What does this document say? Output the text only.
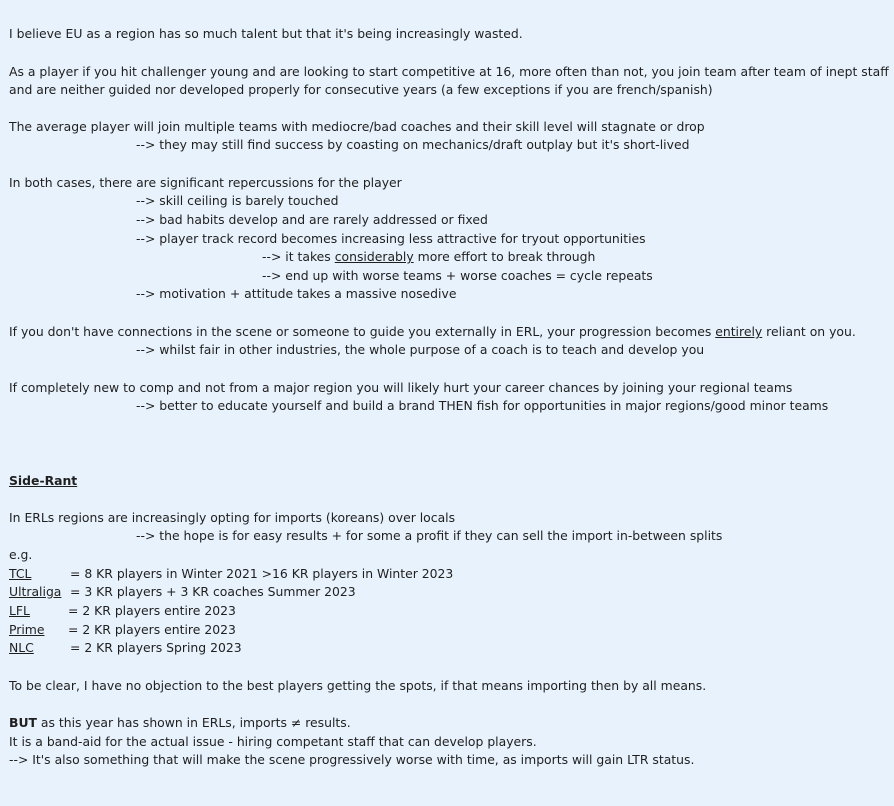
I believe EU as a region has so much talent but that it's being increasingly wasted.
As a player if you hit challenger young and are looking to start competitive at 16, more often than not, you join team after team of inept staff
and are neither guided nor developed properly for consecutive years (a few exceptions if you are french/spanish)
The average player will join multiple teams with mediocre/bad coaches and their skill level will stagnate or drop
--> they may still find success by coasting on mechanics/draft outplay but it's short-lived
In both cases, there are significant repercussions for the player
--> skill ceiling is barely touched
--> bad habits develop and are rarely addressed or fixed
--> player track record becomes increasing less attractive for tryout opportunities
--> it takes considerably more effort to break through
--> end up with worse teams + worse coaches = cycle repeats
--> motivation + attitude takes a massive nosedive
If you don't have connections in the scene or someone to guide you externally in ERL, your progression becomes entirely reliant on you.
--> whilst fair in other industries, the whole purpose of a coach is to teach and develop you
If completely new to comp and not from a major region you will likely hurt your career chances by joining your regional teams
--> better to educate yourself and build a brand THEN fish for opportunities in major regions/good minor teams
Side-Rant
In ERLs regions are increasingly opting for imports (koreans) over locals
--> the hope is for easy results + for some a profit if they can sell the import in-between splits
e.g.
TCL	= 8 KR players in Winter 2021 >16 KR players in Winter 2023
Ultraliga = 3 KR players + 3 KR coaches Summer 2023
LFL	= 2 KR players entire 2023
Prime = 2 KR players entire 2023
NLC	= 2 KR players Spring 2023
To be clear, I have no objection to the best players getting the spots, if that means importing then by all means.
BUT as this year has shown in ERLs, imports ≠ results.
It is a band-aid for the actual issue - hiring competant staff that can develop players.
--> It's also something that will make the scene progressively worse with time, as imports will gain LTR status.
